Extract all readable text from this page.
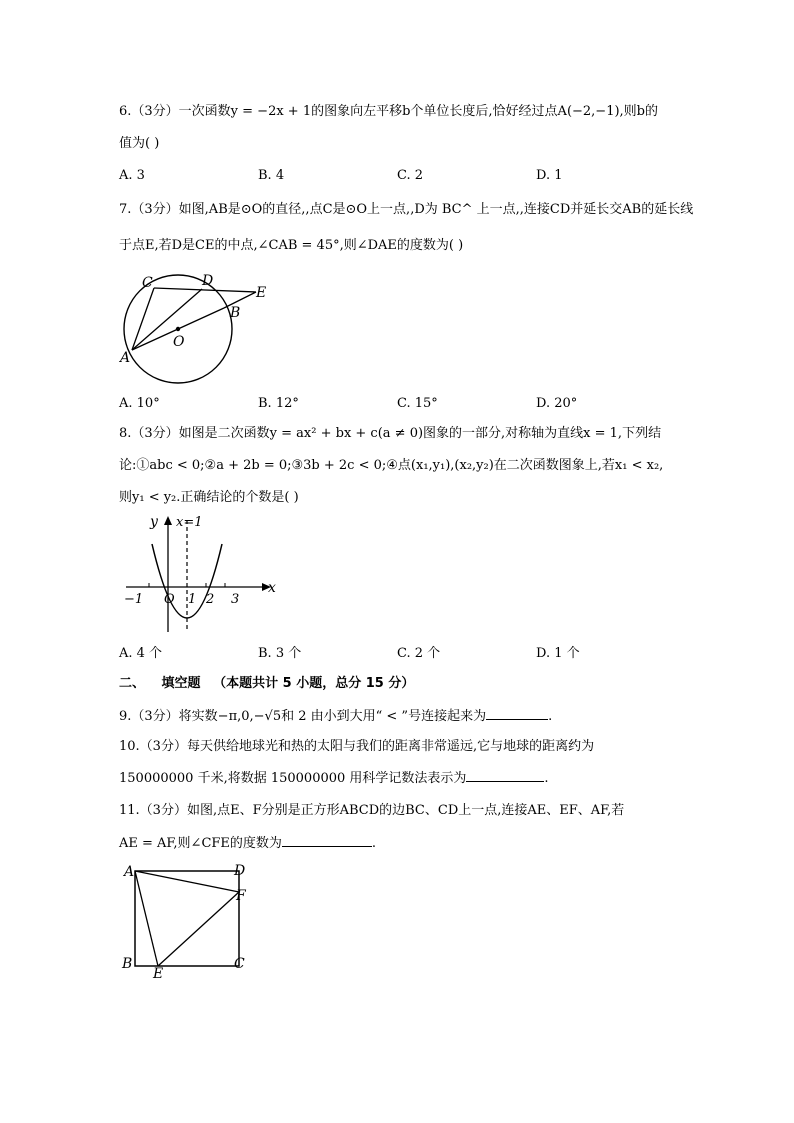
6.（3分）一次函数y = −2x + 1的图象向左平移b个单位长度后,恰好经过点A(−2,−1),则b的
值为( )
A. 3	B. 4	C. 2	D. 1
7.（3分）如图,AB是⊙O的直径,,点C是⊙O上一点,,D为 BC^ 上一点,,连接CD并延长交AB的延长线
于点E,若D是CE的中点,∠CAB = 45°,则∠DAE的度数为( )
C	D
E
B
O
A
A. 10°	B. 12°	C. 15°	D. 20°
8.（3分）如图是二次函数y = ax² + bx + c(a ≠ 0)图象的一部分,对称轴为直线x = 1,下列结
论:①abc < 0;②a + 2b = 0;③3b + 2c < 0;④点(x₁,y₁),(x₂,y₂)在二次函数图象上,若x₁ < x₂,
则y₁ < y₂.正确结论的个数是( )
y x=1
x
−1 O 1 2 3
A. 4 个	B. 3 个	C. 2 个	D. 1 个
二、 填空题 （本题共计 5 小题，总分 15 分）
9.（3分）将实数−π,0,−√5和 2 由小到大用“ < ”号连接起来为	.
10.（3分）每天供给地球光和热的太阳与我们的距离非常遥远,它与地球的距离约为
150000000 千米,将数据 150000000 用科学记数法表示为	.
11.（3分）如图,点E、F分别是正方形ABCD的边BC、CD上一点,连接AE、EF、AF,若
AE = AF,则∠CFE的度数为	.
A	D
F
B
E
C
